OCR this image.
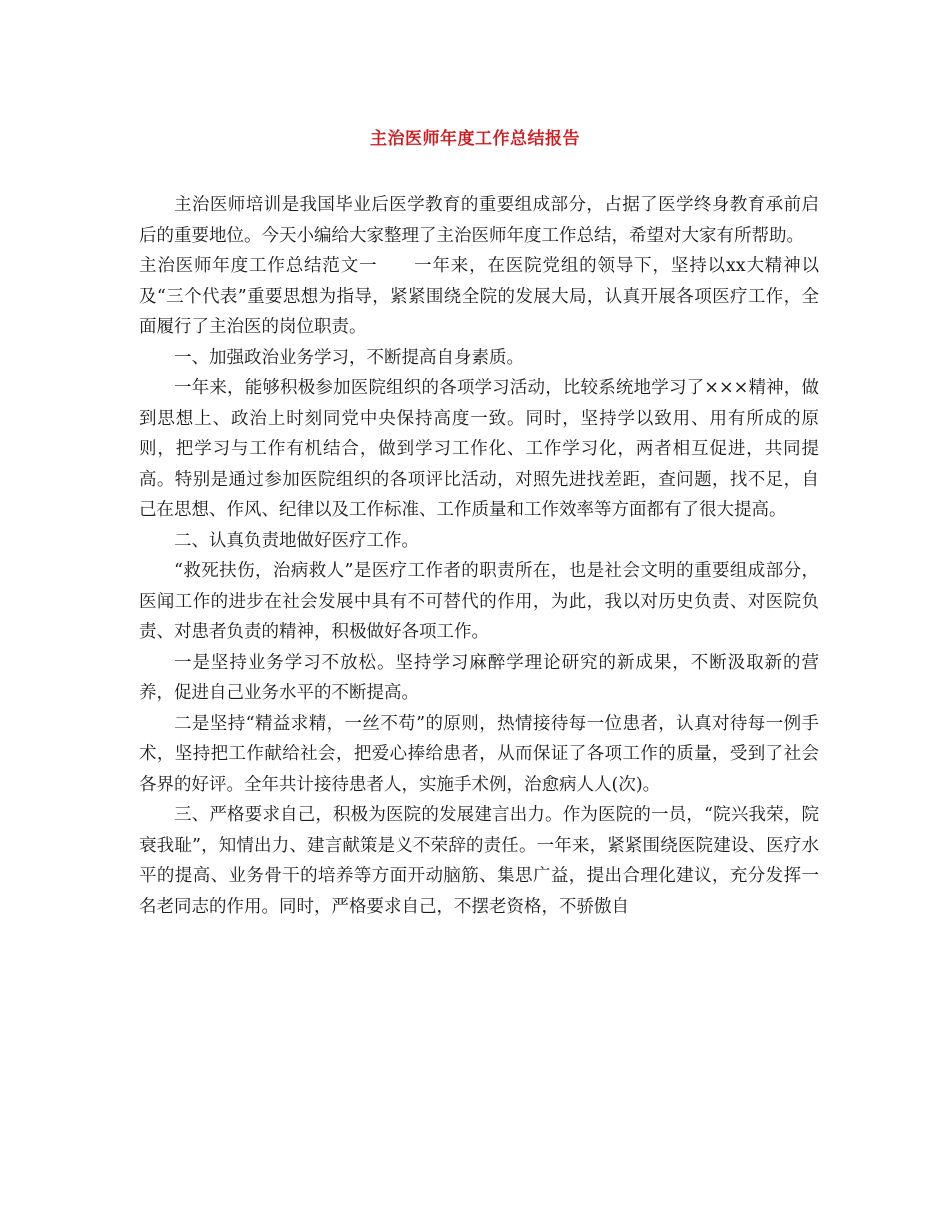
主治医师年度工作总结报告

主治医师培训是我国毕业后医学教育的重要组成部分，占据了医学终身教育承前启后的重要地位。今天小编给大家整理了主治医师年度工作总结，希望对大家有所帮助。

主治医师年度工作总结范文一　　一年来，在医院党组的领导下，坚持以xx大精神以及“三个代表”重要思想为指导，紧紧围绕全院的发展大局，认真开展各项医疗工作，全面履行了主治医的岗位职责。

一、加强政治业务学习，不断提高自身素质。

一年来，能够积极参加医院组织的各项学习活动，比较系统地学习了×××精神，做到思想上、政治上时刻同党中央保持高度一致。同时，坚持学以致用、用有所成的原则，把学习与工作有机结合，做到学习工作化、工作学习化，两者相互促进，共同提高。特别是通过参加医院组织的各项评比活动，对照先进找差距，查问题，找不足，自己在思想、作风、纪律以及工作标准、工作质量和工作效率等方面都有了很大提高。

二、认真负责地做好医疗工作。

“救死扶伤，治病救人”是医疗工作者的职责所在，也是社会文明的重要组成部分，医闻工作的进步在社会发展中具有不可替代的作用，为此，我以对历史负责、对医院负责、对患者负责的精神，积极做好各项工作。

一是坚持业务学习不放松。坚持学习麻醉学理论研究的新成果，不断汲取新的营养，促进自己业务水平的不断提高。

二是坚持“精益求精，一丝不苟”的原则，热情接待每一位患者，认真对待每一例手术，坚持把工作献给社会，把爱心捧给患者，从而保证了各项工作的质量，受到了社会各界的好评。全年共计接待患者人，实施手术例，治愈病人人(次)。

三、严格要求自己，积极为医院的发展建言出力。作为医院的一员，“院兴我荣，院衰我耻”，知情出力、建言献策是义不荣辞的责任。一年来，紧紧围绕医院建设、医疗水平的提高、业务骨干的培养等方面开动脑筋、集思广益，提出合理化建议，充分发挥一名老同志的作用。同时，严格要求自己，不摆老资格，不骄傲自
